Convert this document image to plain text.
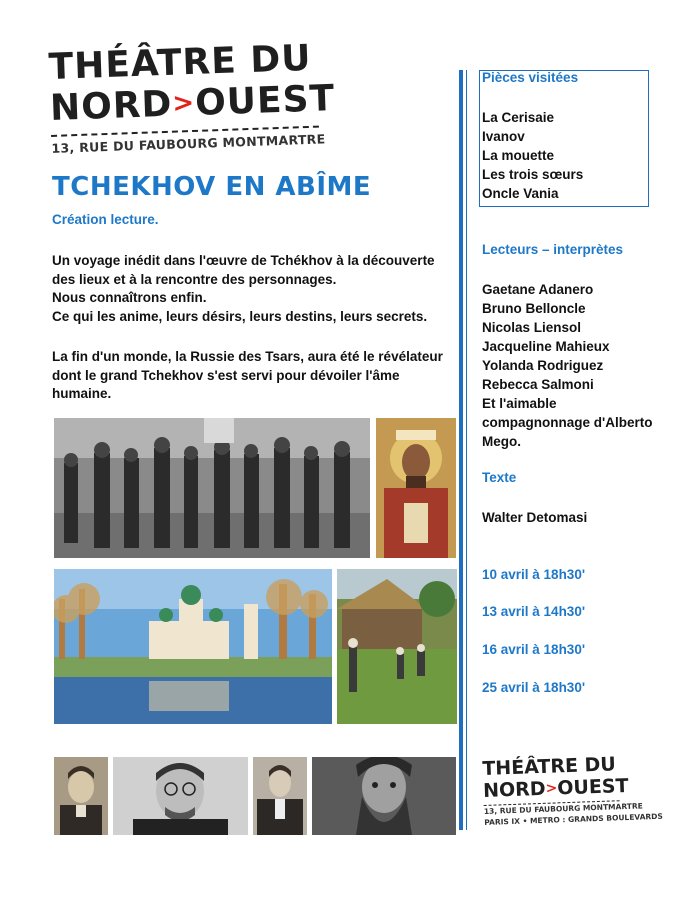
THÉÂTRE DU
NORD>OUEST
13, RUE DU FAUBOURG MONTMARTRE
TCHEKHOV EN ABÎME
Création lecture.

Un voyage inédit dans l'œuvre de Tchékhov à la découverte des lieux et à la rencontre des personnages.

Nous connaîtrons enfin.

Ce qui les anime, leurs désirs, leurs destins, leurs secrets.

La fin d'un monde, la Russie des Tsars, aura été le révélateur dont le grand Tchekhov s'est servi pour dévoiler l'âme humaine.

Pièces visitées
La Cerisaie
Ivanov
La mouette
Les trois sœurs
Oncle Vania
Lecteurs – interprètes
Gaetane Adanero
Bruno Belloncle
Nicolas Liensol
Jacqueline Mahieux
Yolanda Rodriguez
Rebecca Salmoni
Et l'aimable compagnonnage d'Alberto Mego.
Texte
Walter Detomasi
10 avril à 18h30'
13 avril à 14h30'
16 avril à 18h30'
25 avril à 18h30'
THÉÂTRE DU
NORD>OUEST
13, RUE DU FAUBOURG MONTMARTRE
PARIS IX • METRO : GRANDS BOULEVARDS
